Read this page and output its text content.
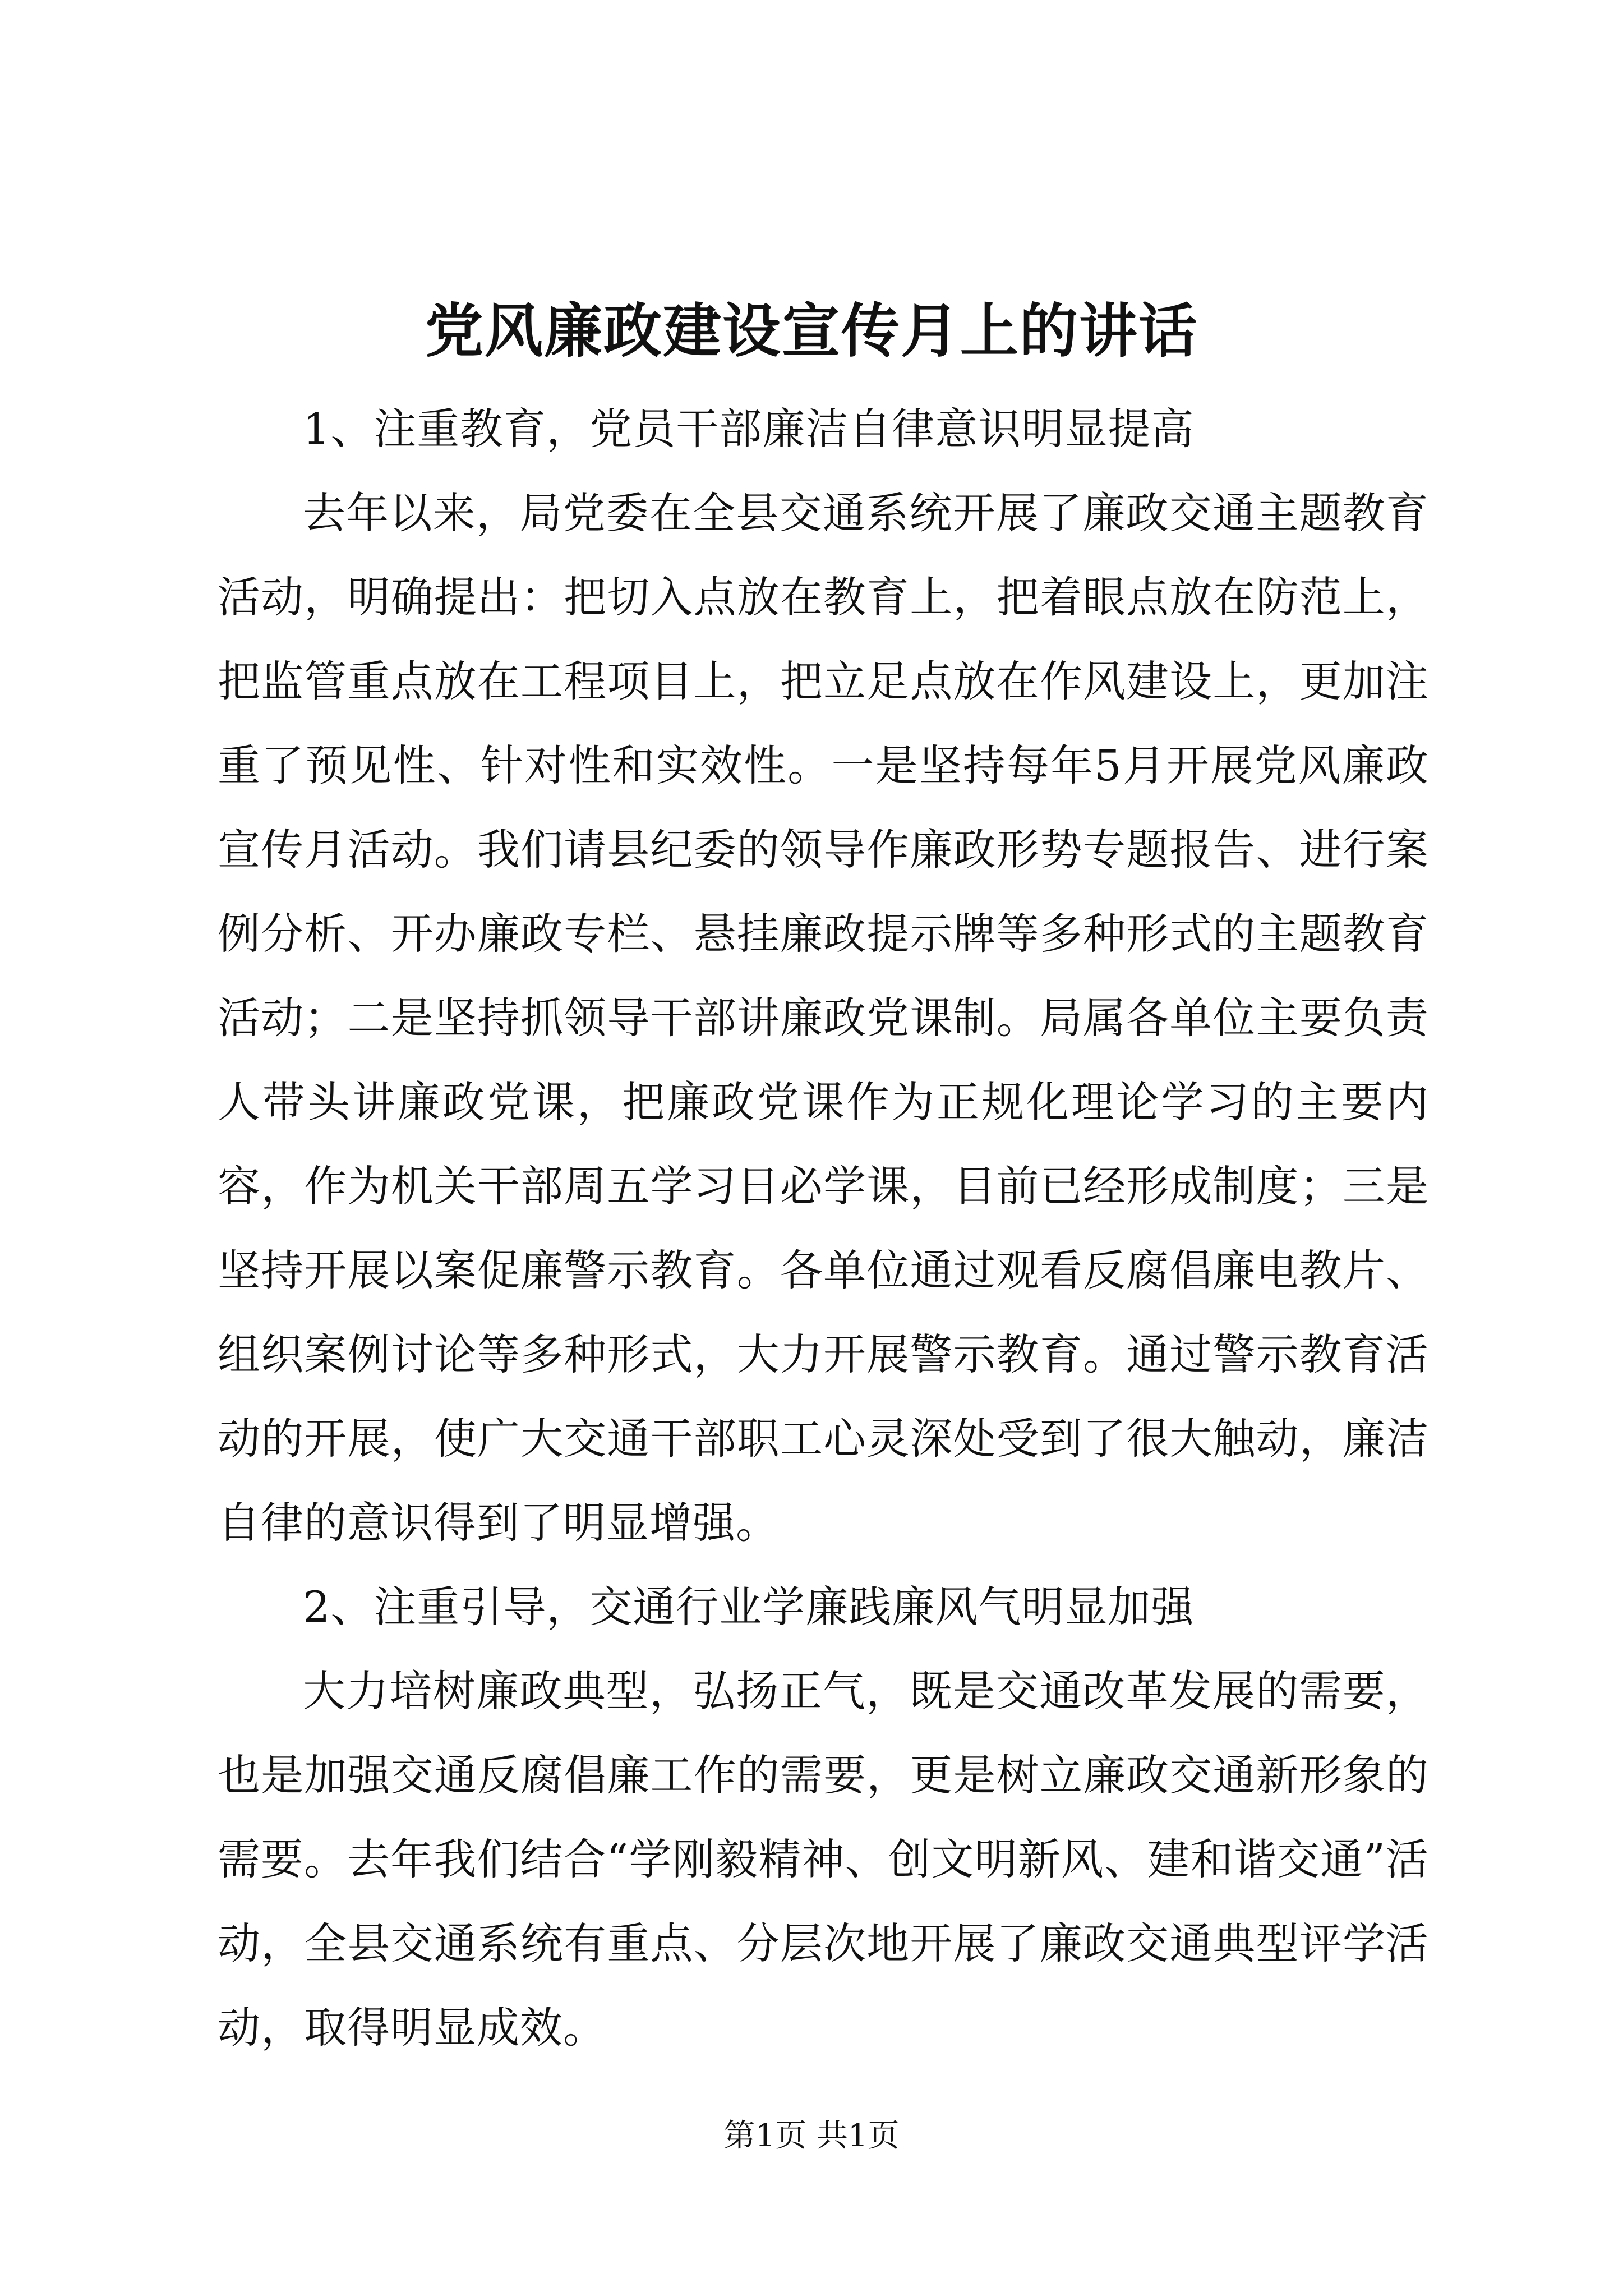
党风廉政建设宣传月上的讲话

1、注重教育，党员干部廉洁自律意识明显提高

去年以来，局党委在全县交通系统开展了廉政交通主题教育活动，明确提出：把切入点放在教育上，把着眼点放在防范上，把监管重点放在工程项目上，把立足点放在作风建设上，更加注重了预见性、针对性和实效性。一是坚持每年5月开展党风廉政宣传月活动。我们请县纪委的领导作廉政形势专题报告、进行案例分析、开办廉政专栏、悬挂廉政提示牌等多种形式的主题教育活动；二是坚持抓领导干部讲廉政党课制。局属各单位主要负责人带头讲廉政党课，把廉政党课作为正规化理论学习的主要内容，作为机关干部周五学习日必学课，目前已经形成制度；三是坚持开展以案促廉警示教育。各单位通过观看反腐倡廉电教片、组织案例讨论等多种形式，大力开展警示教育。通过警示教育活动的开展，使广大交通干部职工心灵深处受到了很大触动，廉洁自律的意识得到了明显增强。

2、注重引导，交通行业学廉践廉风气明显加强

大力培树廉政典型，弘扬正气，既是交通改革发展的需要，也是加强交通反腐倡廉工作的需要，更是树立廉政交通新形象的需要。去年我们结合“学刚毅精神、创文明新风、建和谐交通”活动，全县交通系统有重点、分层次地开展了廉政交通典型评学活动，取得明显成效。

第1页 共1页
